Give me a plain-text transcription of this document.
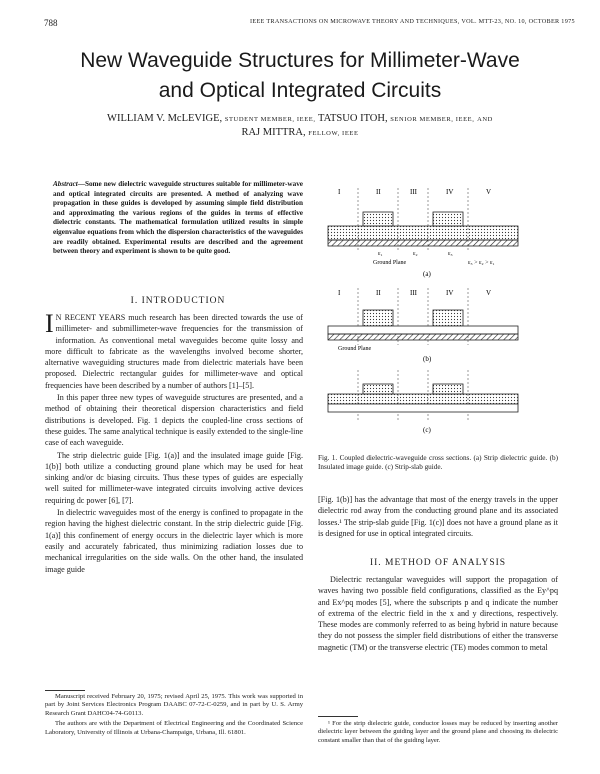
788	IEEE TRANSACTIONS ON MICROWAVE THEORY AND TECHNIQUES, VOL. MTT-23, NO. 10, OCTOBER 1975
New Waveguide Structures for Millimeter-Wave
and Optical Integrated Circuits
WILLIAM V. McLEVIGE, STUDENT MEMBER, IEEE, TATSUO ITOH, SENIOR MEMBER, IEEE, AND
RAJ MITTRA, FELLOW, IEEE
Abstract—Some new dielectric waveguide structures suitable for millimeter-wave and optical integrated circuits are presented. A method of analyzing wave propagation in these guides is developed by assuming simple field distribution and approximating the various regions of the guides in terms of effective dielectric constants. The mathematical formulation utilized results in simple eigenvalue equations from which the dispersion characteristics of the waveguides are readily obtained. Experimental results are described and the agreement between theory and experiment is shown to be quite good.
I. INTRODUCTION

I N RECENT YEARS much research has been directed towards the use of millimeter- and submillimeter-wave frequencies for the transmission of information. As conventional metal waveguides become quite lossy and more difficult to fabricate as the wavelengths involved become shorter, alternative waveguiding structures made from dielectric materials have been proposed. Dielectric rectangular guides for millimeter-wave and optical frequencies have been described by a number of authors [1]–[5].

In this paper three new types of waveguide structures are presented, and a method of obtaining their theoretical dispersion characteristics and field distributions is developed. Fig. 1 depicts the coupled-line cross sections of these guides. The same analytical technique is easily extended to the single-line case of each waveguide.

The strip dielectric guide [Fig. 1(a)] and the insulated image guide [Fig. 1(b)] both utilize a conducting ground plane which may be used for heat sinking and/or dc biasing circuits. Thus these types of guides are especially well suited for millimeter-wave integrated circuits involving active devices requiring dc power [6], [7].

In dielectric waveguides most of the energy is confined to propagate in the region having the highest dielectric constant. In the strip dielectric guide [Fig. 1(a)] this confinement of energy occurs in the dielectric layer which is more easily and accurately fabricated, thus minimizing radiation losses due to mechanical irregularities on the side walls. On the other hand, the insulated image guide

Manuscript received February 20, 1975; revised April 25, 1975. This work was supported in part by Joint Services Electronics Program DAABC 07-72-C-0259, and in part by U. S. Army Research Grant DAHC04-74-G0113.

The authors are with the Department of Electrical Engineering and the Coordinated Science Laboratory, University of Illinois at Urbana-Champaign, Urbana, Ill. 61801.

I	II	III	IV	V
ε₁	ε₂	ε₃
Ground Plane	ε₃ > ε₂ > ε₁
(a)
I	II	III	IV	V
Ground Plane
(b)
(c)
Fig. 1. Coupled dielectric-waveguide cross sections. (a) Strip dielectric guide. (b) Insulated image guide. (c) Strip-slab guide.

[Fig. 1(b)] has the advantage that most of the energy travels in the upper dielectric rod away from the conducting ground plane and its associated losses.¹ The strip-slab guide [Fig. 1(c)] does not have a ground plane as it is designed for use in optical integrated circuits.

II. METHOD OF ANALYSIS

Dielectric rectangular waveguides will support the propagation of waves having two possible field configurations, classified as the Ey^pq and Ex^pq modes [5], where the subscripts p and q indicate the number of extrema of the electric field in the x and y directions, respectively. These modes are commonly referred to as being hybrid in nature because they do not possess the simpler field distributions of either the transverse magnetic (TM) or the transverse electric (TE) modes common to metal

¹ For the strip dielectric guide, conductor losses may be reduced by inserting another dielectric layer between the guiding layer and the ground plane and choosing its dielectric constant smaller than that of the guiding layer.
